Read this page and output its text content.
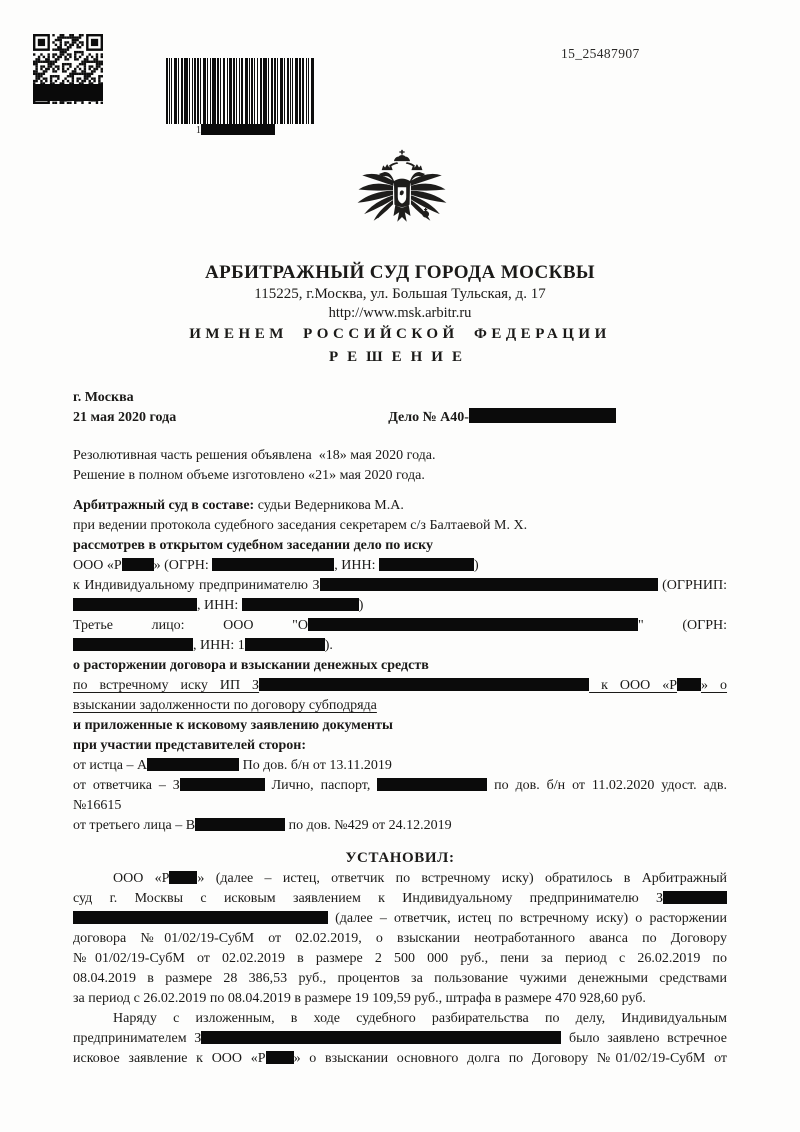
1
15_25487907
АРБИТРАЖНЫЙ СУД ГОРОДА МОСКВЫ
115225, г.Москва, ул. Большая Тульская, д. 17
http://www.msk.arbitr.ru
ИМЕНЕМ РОССИЙСКОЙ ФЕДЕРАЦИИ
РЕШЕНИЕ
г. Москва
21 мая 2020 года	Дело № А40-
Резолютивная часть решения объявлена  «18» мая 2020 года.
Решение в полном объеме изготовлено «21» мая 2020 года.
Арбитражный суд в составе: судьи Ведерникова М.А.
при ведении протокола судебного заседания секретарем с/з Балтаевой М. Х.
рассмотрев в открытом судебном заседании дело по иску
ООО «Р » (ОГРН:	, ИНН:	)
к Индивидуальному предпринимателю З	(ОГРНИП:
, ИНН:	)
Третье лицо: ООО "О	" (ОГРН:
, ИНН: 1	).
о расторжении договора и взыскании денежных средств
по встречному иску ИП З	к ООО «Р » о
взыскании задолженности по договору субподряда
и приложенные к исковому заявлению документы
при участии представителей сторон:
от истца – А	По дов. б/н от 13.11.2019
от ответчика – З	Лично, паспорт,	по дов. б/н от 11.02.2020 удост. адв.
№16615
от третьего лица – В	по дов. №429 от 24.12.2019
УСТАНОВИЛ:
ООО «Р » (далее – истец, ответчик по встречному иску) обратилось в Арбитражный
суд г. Москвы с исковым заявлением к Индивидуальному предпринимателю З
(далее – ответчик, истец по встречному иску) о расторжении
договора №01/02/19-СубМ от 02.02.2019, о взыскании неотработанного аванса по Договору
№01/02/19-СубМ от 02.02.2019 в размере 2 500 000 руб., пени за период с 26.02.2019 по
08.04.2019 в размере 28 386,53 руб., процентов за пользование чужими денежными средствами
за период с 26.02.2019 по 08.04.2019 в размере 19 109,59 руб., штрафа в размере 470 928,60 руб.
Наряду с изложенным, в ходе судебного разбирательства по делу, Индивидуальным
предпринимателем З	было заявлено встречное
исковое заявление к ООО «Р » о взыскании основного долга по Договору №01/02/19-СубМ от
